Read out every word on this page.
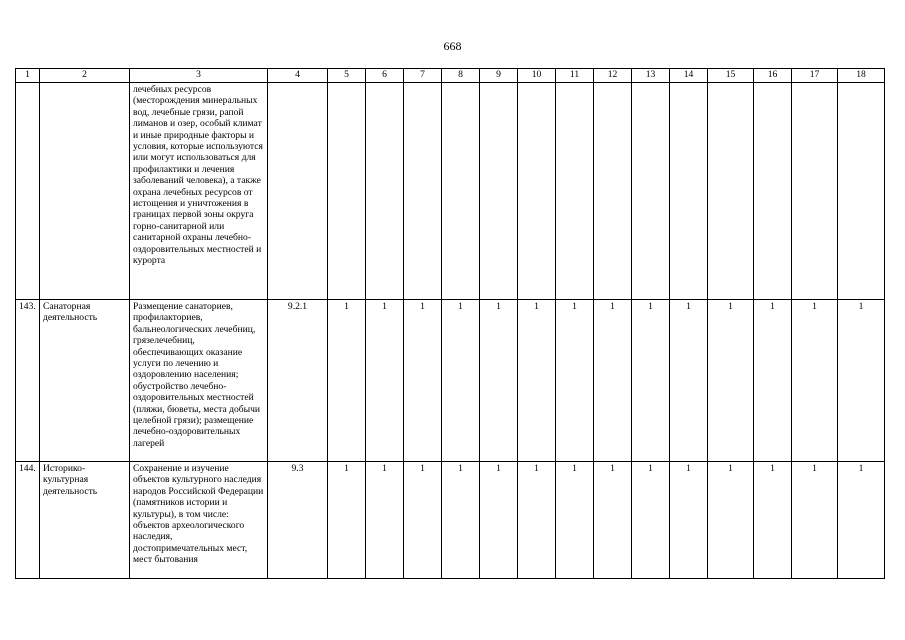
668
1	2	3	4	5	6	7	8	9	10	11	12	13	14	15	16	17	18
		лечебных ресурсов (месторождения минеральных вод, лечебные грязи, рапой лиманов и озер, особый климат и иные природные факторы и условия, которые используются или могут использоваться для профилактики и лечения заболеваний человека), а также охрана лечебных ресурсов от истощения и уничтожения в границах первой зоны округа горно-санитарной или санитарной охраны лечебно-оздоровительных местностей и курорта															
143.	Санаторная деятельность	Размещение санаториев, профилакториев, бальнеологических лечебниц, грязелечебниц, обеспечивающих оказание услуги по лечению и оздоровлению населения; обустройство лечебно-оздоровительных местностей (пляжи, бюветы, места добычи целебной грязи); размещение лечебно-оздоровительных лагерей	9.2.1	1	1	1	1	1	1	1	1	1	1	1	1	1	1
144.	Историко-культурная деятельность	Сохранение и изучение объектов культурного наследия народов Российской Федерации (памятников истории и культуры), в том числе: объектов археологического наследия, достопримечательных мест, мест бытования	9.3	1	1	1	1	1	1	1	1	1	1	1	1	1	1
